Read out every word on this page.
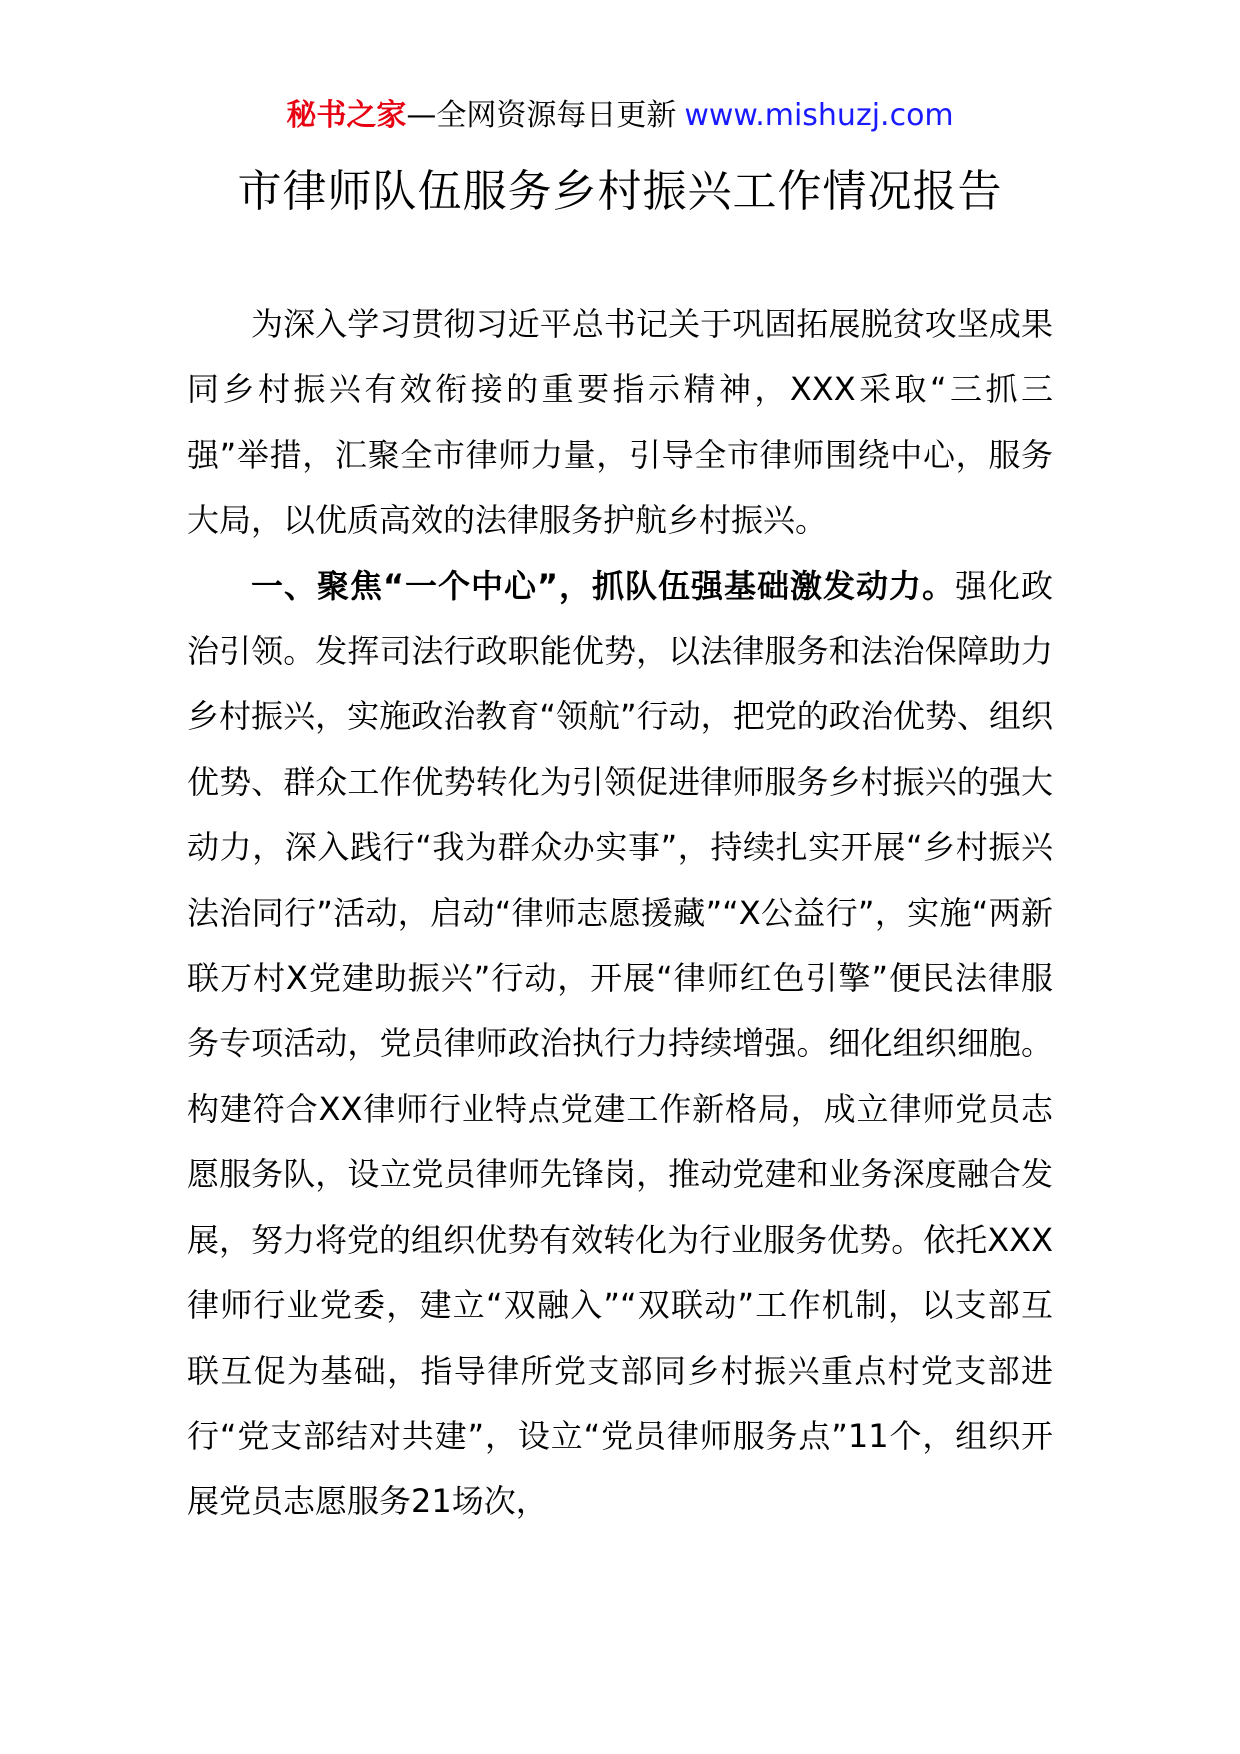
秘书之家—全网资源每日更新 www.mishuzj.com
市律师队伍服务乡村振兴工作情况报告

为深入学习贯彻习近平总书记关于巩固拓展脱贫攻坚成果同乡村振兴有效衔接的重要指示精神，XXX采取“三抓三强”举措，汇聚全市律师力量，引导全市律师围绕中心，服务大局，以优质高效的法律服务护航乡村振兴。

一、聚焦“一个中心”，抓队伍强基础激发动力。强化政治引领。发挥司法行政职能优势，以法律服务和法治保障助力乡村振兴，实施政治教育“领航”行动，把党的政治优势、组织优势、群众工作优势转化为引领促进律师服务乡村振兴的强大动力，深入践行“我为群众办实事”，持续扎实开展“乡村振兴法治同行”活动，启动“律师志愿援藏”“X公益行”，实施“两新联万村X党建助振兴”行动，开展“律师红色引擎”便民法律服务专项活动，党员律师政治执行力持续增强。细化组织细胞。构建符合XX律师行业特点党建工作新格局，成立律师党员志愿服务队，设立党员律师先锋岗，推动党建和业务深度融合发展，努力将党的组织优势有效转化为行业服务优势。依托XXX律师行业党委，建立“双融入”“双联动”工作机制，以支部互联互促为基础，指导律所党支部同乡村振兴重点村党支部进行“党支部结对共建”，设立“党员律师服务点”11个，组织开展党员志愿服务21场次，
